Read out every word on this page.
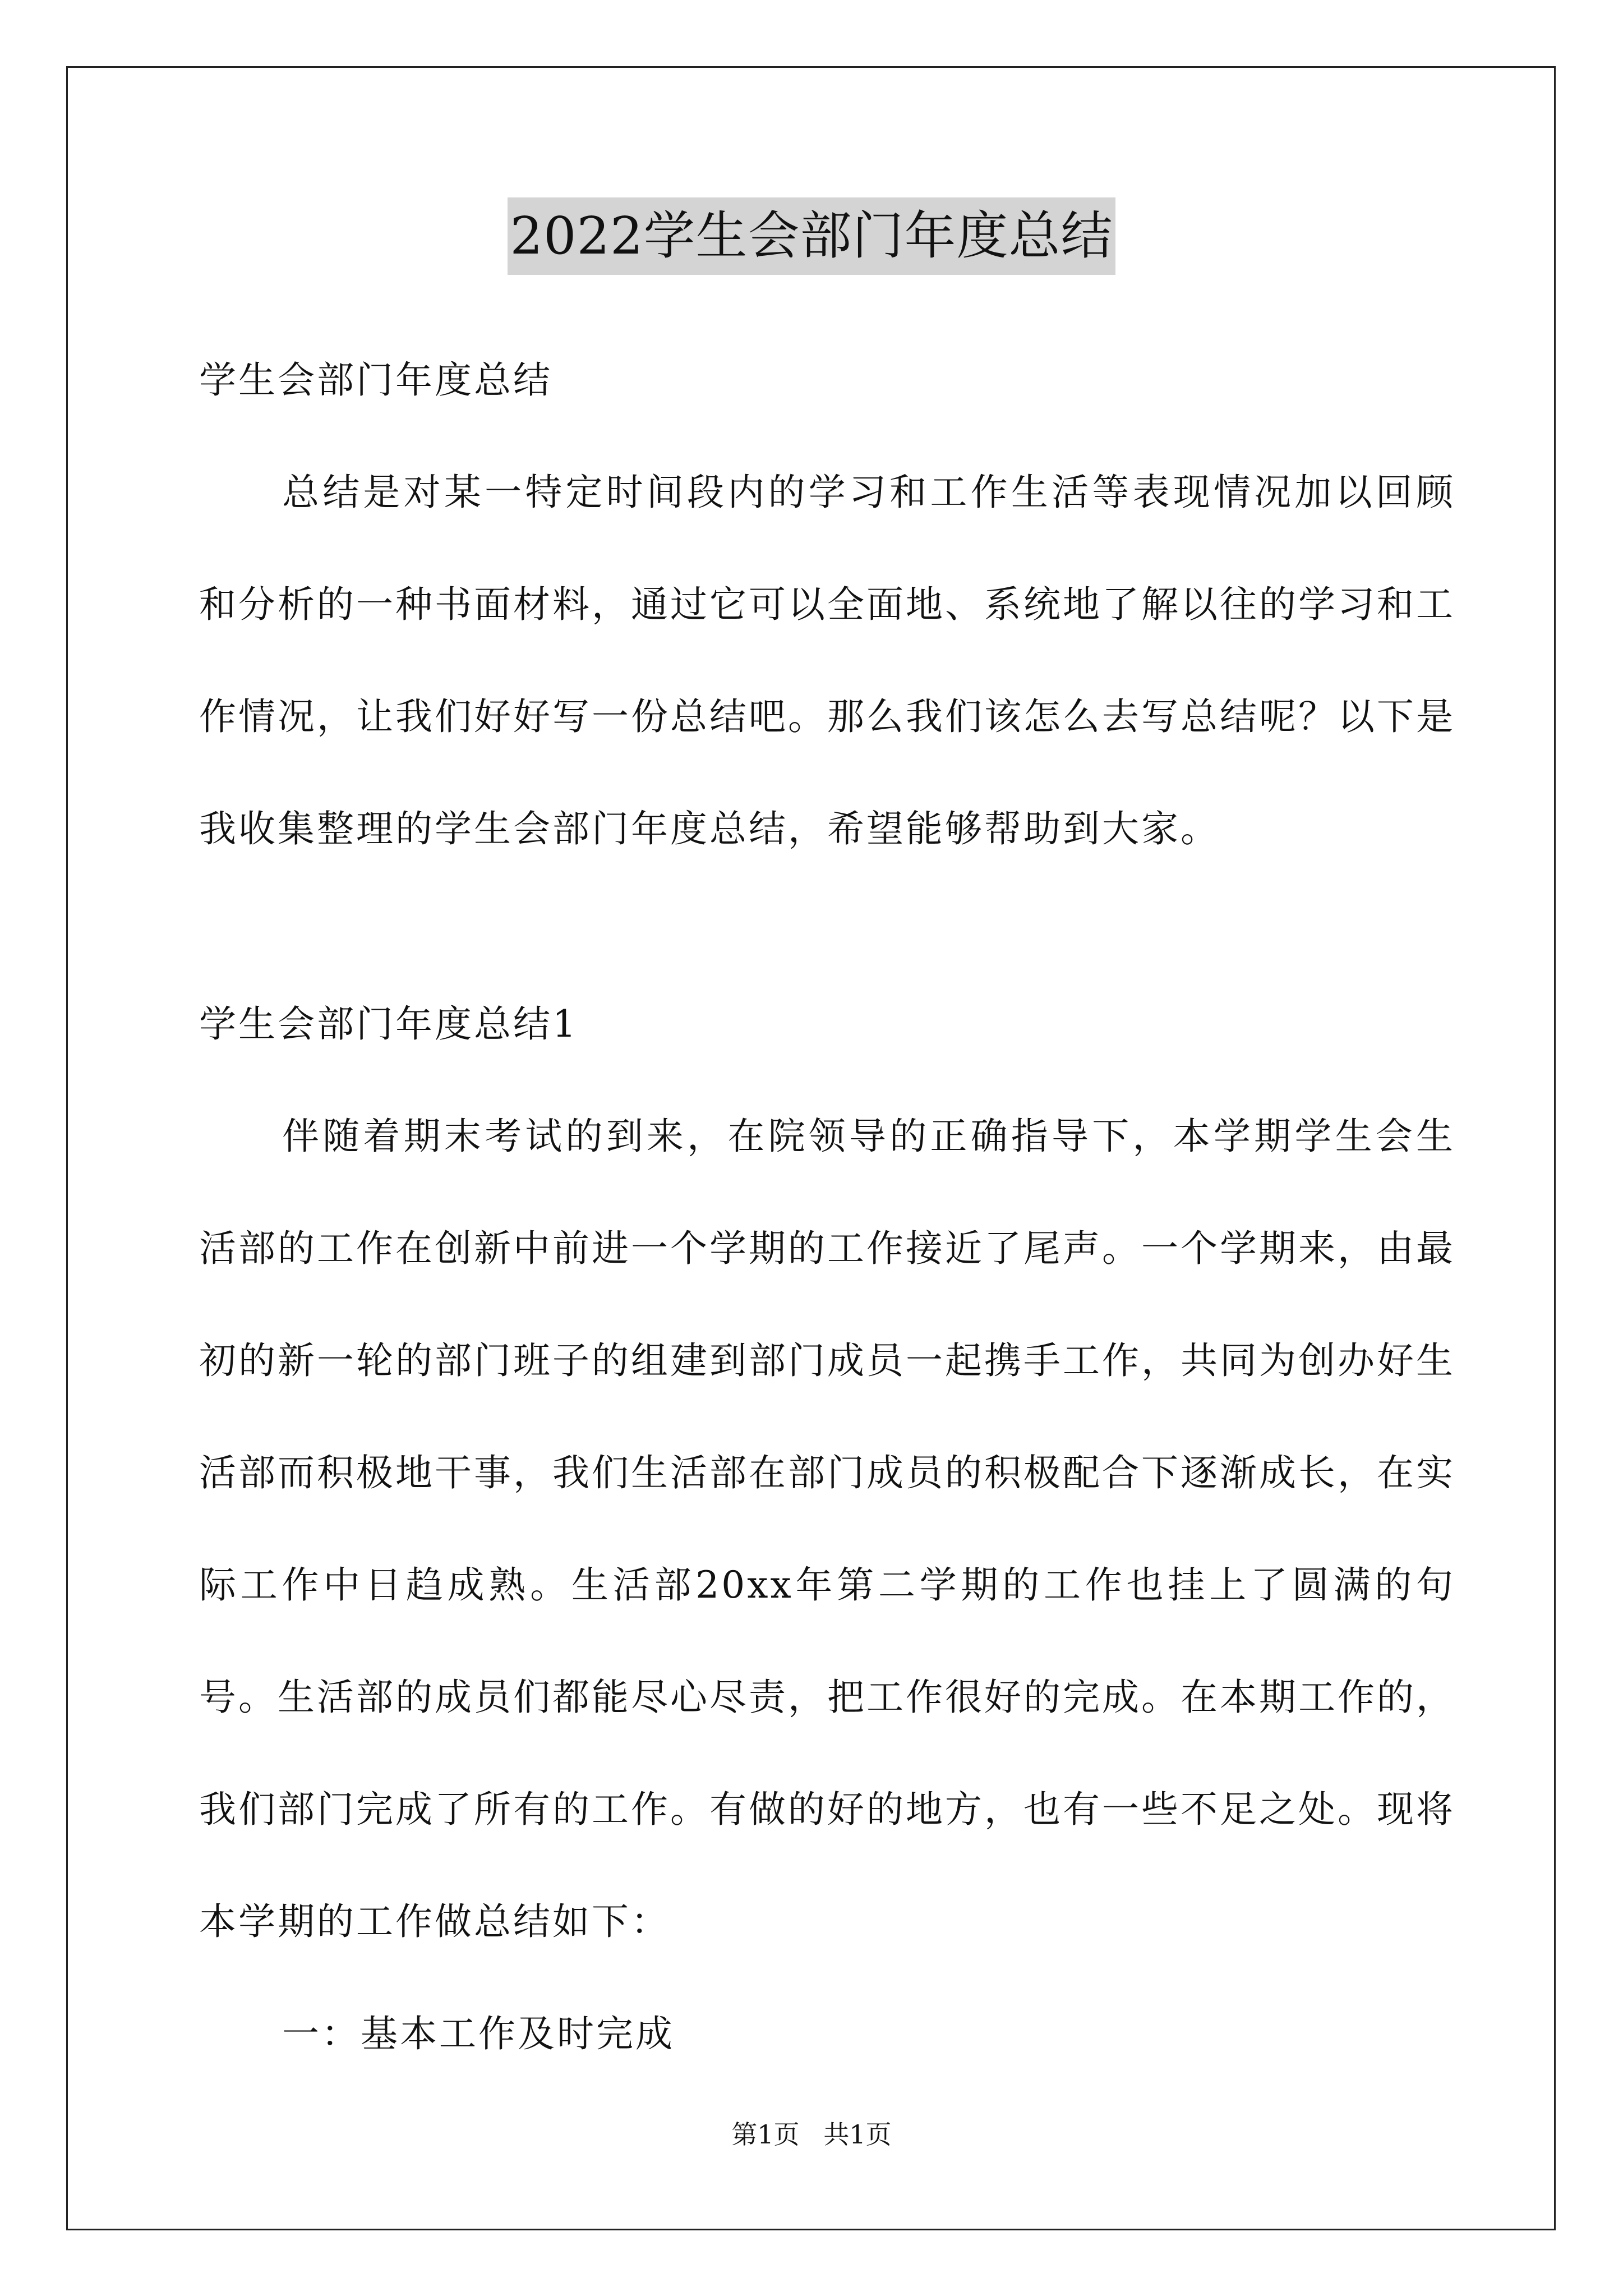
2022学生会部门年度总结

学生会部门年度总结

总结是对某一特定时间段内的学习和工作生活等表现情况加以回顾和分析的一种书面材料，通过它可以全面地、系统地了解以往的学习和工作情况，让我们好好写一份总结吧。那么我们该怎么去写总结呢？以下是我收集整理的学生会部门年度总结，希望能够帮助到大家。

学生会部门年度总结1

伴随着期末考试的到来，在院领导的正确指导下，本学期学生会生活部的工作在创新中前进一个学期的工作接近了尾声。一个学期来，由最初的新一轮的部门班子的组建到部门成员一起携手工作，共同为创办好生活部而积极地干事，我们生活部在部门成员的积极配合下逐渐成长，在实际工作中日趋成熟。生活部20xx年第二学期的工作也挂上了圆满的句号。生活部的成员们都能尽心尽责，把工作很好的完成。在本期工作的，我们部门完成了所有的工作。有做的好的地方，也有一些不足之处。现将本学期的工作做总结如下：

一：基本工作及时完成

第1页 共1页
